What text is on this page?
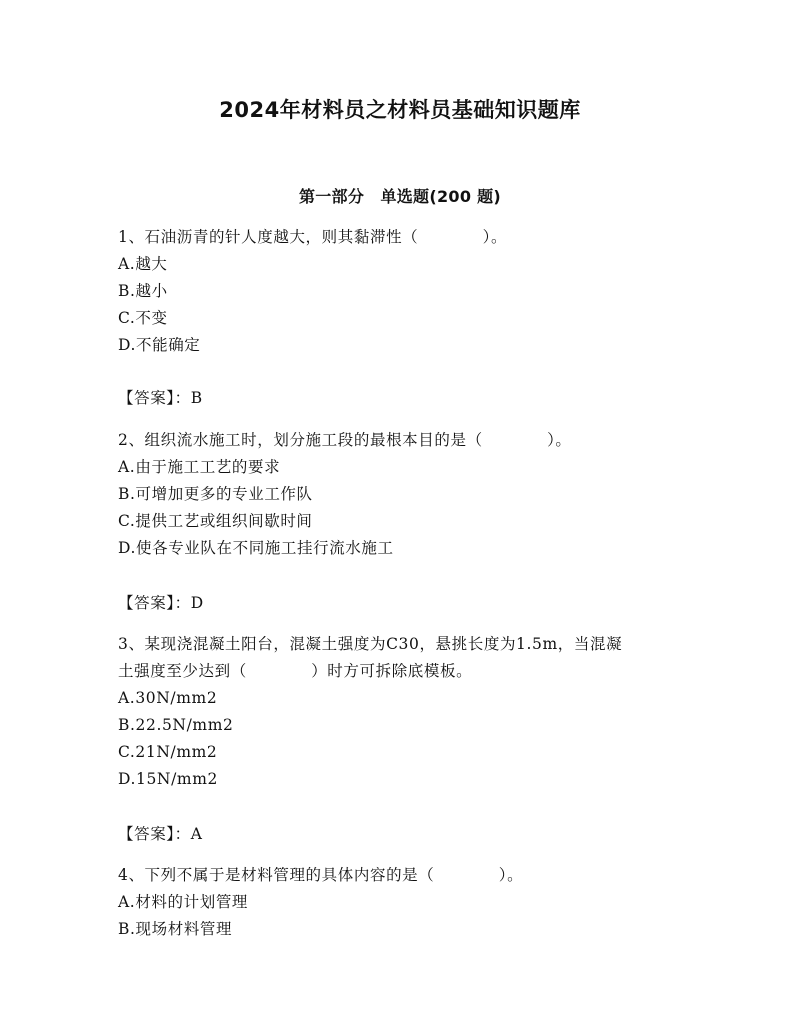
2024年材料员之材料员基础知识题库
第一部分　单选题(200 题)
1、石油沥青的针人度越大，则其黏滞性（　　　　）。
A.越大
B.越小
C.不变
D.不能确定
【答案】：B
2、组织流水施工时，划分施工段的最根本目的是（　　　　）。
A.由于施工工艺的要求
B.可增加更多的专业工作队
C.提供工艺或组织间歇时间
D.使各专业队在不同施工挂行流水施工
【答案】：D
3、某现浇混凝土阳台，混凝土强度为C30，悬挑长度为1.5m，当混凝
土强度至少达到（　　　　）时方可拆除底模板。
A.30N/mm2
B.22.5N/mm2
C.21N/mm2
D.15N/mm2
【答案】：A
4、下列不属于是材料管理的具体内容的是（　　　　）。
A.材料的计划管理
B.现场材料管理
